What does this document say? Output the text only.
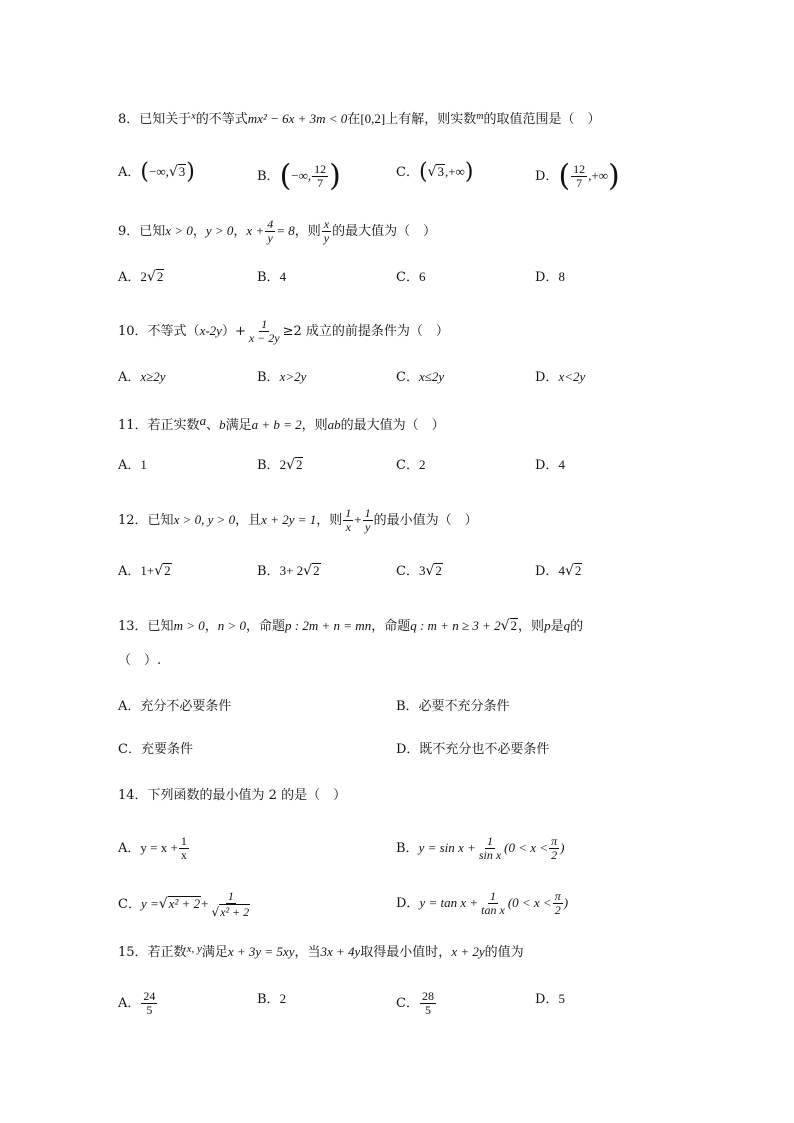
8．已知关于$^x$的不等式mx² − 6x + 3m < 0在[0,2]上有解，则实数$^m$的取值范围是（　）
A．(−∞,√3)	B．(−∞, $\frac{12}{7}$ )	C．(√3,+∞)	D．( $\frac{12}{7}$ ,+∞)
9．已知x > 0，y > 0，$x + \frac{4}{y} = 8$，则 $\frac{x}{y}$ 的最大值为（　）
A．2√2	B．4	C．6	D．8
10．不等式$(x-2y)+ \frac{1}{x - 2y} \ge 2$ 成立的前提条件为（　）
A．x≥2y	B．x>2y	C．x≤2y	D．x<2y
11．若正实数a、b满足a + b = 2，则ab的最大值为（　）
A．1	B．2√2	C．2	D．4
12．已知x > 0, y > 0，且x + 2y = 1，则 $\frac{1}{x} + \frac{1}{y}$ 的最小值为（　）
A．1+√2	B．3+ 2√2	C．3√2	D．4√2
13．已知m > 0，n > 0，命题p : 2m + n = mn，命题q : m + n ≥ 3 + 2√2，则p是q的
（　）.
A．充分不必要条件	B．必要不充分条件
C．充要条件	D．既不充分也不必要条件
14．下列函数的最小值为 2 的是（　）
A．$y = x + \frac{1}{x}$	B．$y = \sin x + \frac{1}{\text{sin x}} (0 < x < \frac{\pi}{2}$ )
C．$y =√x^2 + 2+ \frac{1}{\text{√x² + 2}}$	D．$y = \tan x + \frac{1}{\text{tan x}} (0 < x < \frac{\pi}{2}$ )
15．若正数$^{x, y}$满足x + 3y = 5xy，当3x + 4y取得最小值时，x + 2y的值为
A． $\frac{24}{5}$	B．2	C． $\frac{28}{5}$	D．5
